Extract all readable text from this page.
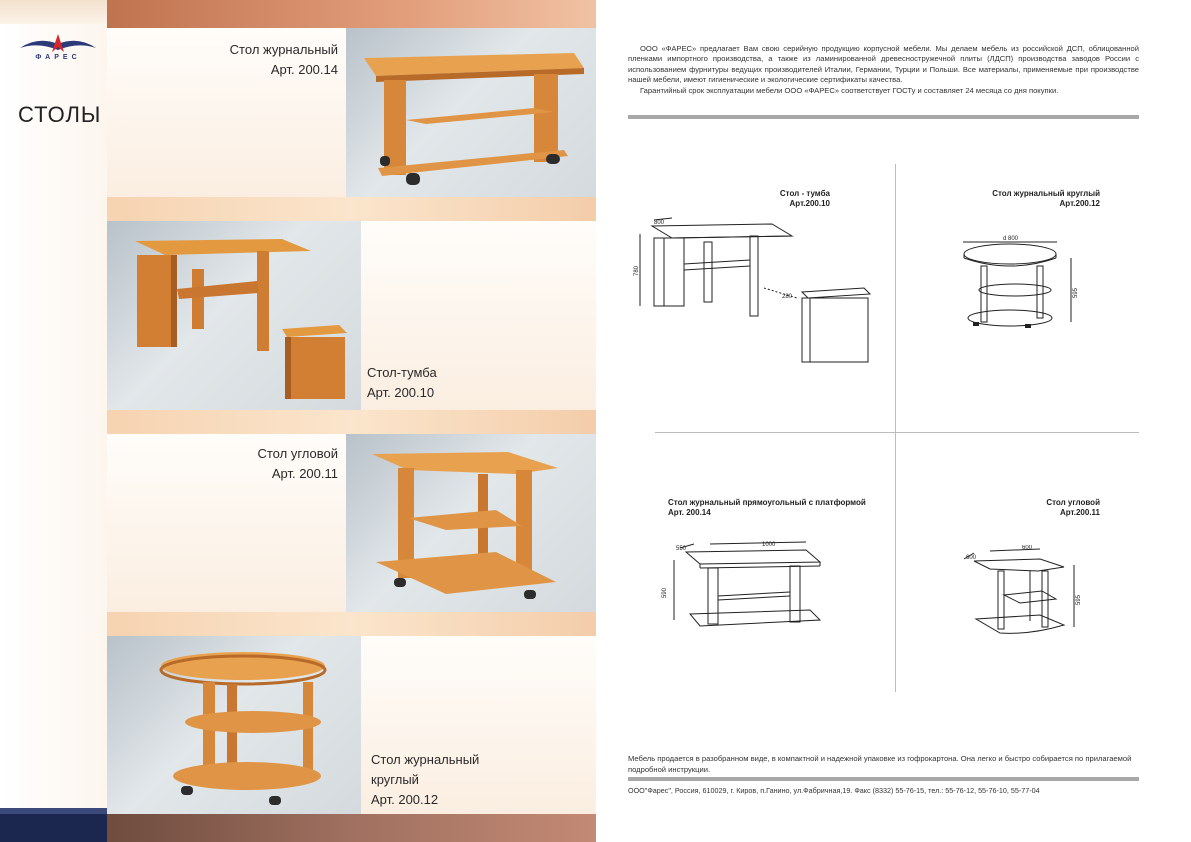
ФАРЕС
СТОЛЫ
Стол журнальный
Арт. 200.14
Стол-тумба
Арт. 200.10
Стол угловой
Арт. 200.11
Стол журнальный
круглый
Арт. 200.12

ООО «ФАРЕС» предлагает Вам свою серийную продукцию корпусной мебели. Мы делаем мебель из российской ДСП, облицованной пленками импортного производства, а также из ламинированной древесностружечной плиты (ЛДСП) производства заводов России с использованием фурнитуры ведущих производителей Италии, Германии, Турции и Польши. Все материалы, применяемые при производстве нашей мебели, имеют гигиенические и экологические сертификаты качества.

Гарантийный срок эксплуатации мебели ООО «ФАРЕС» соответствует ГОСТу и составляет 24 месяца со дня покупки.

Стол - тумба
Арт.200.10
800
780
280
Стол журнальный круглый
Арт.200.12
d 800
595
Стол журнальный прямоугольный с платформой
Арт. 200.14
550
1000
590
Стол угловой
Арт.200.11
600
600
595
Мебель продается в разобранном виде, в компактной и надежной упаковке из гофрокартона. Она легко и быстро собирается по прилагаемой подробной инструкции.
ООО"Фарес", Россия, 610029, г. Киров, п.Ганино, ул.Фабричная,19. Факс (8332) 55-76-15, тел.: 55-76-12, 55-76-10, 55-77-04
